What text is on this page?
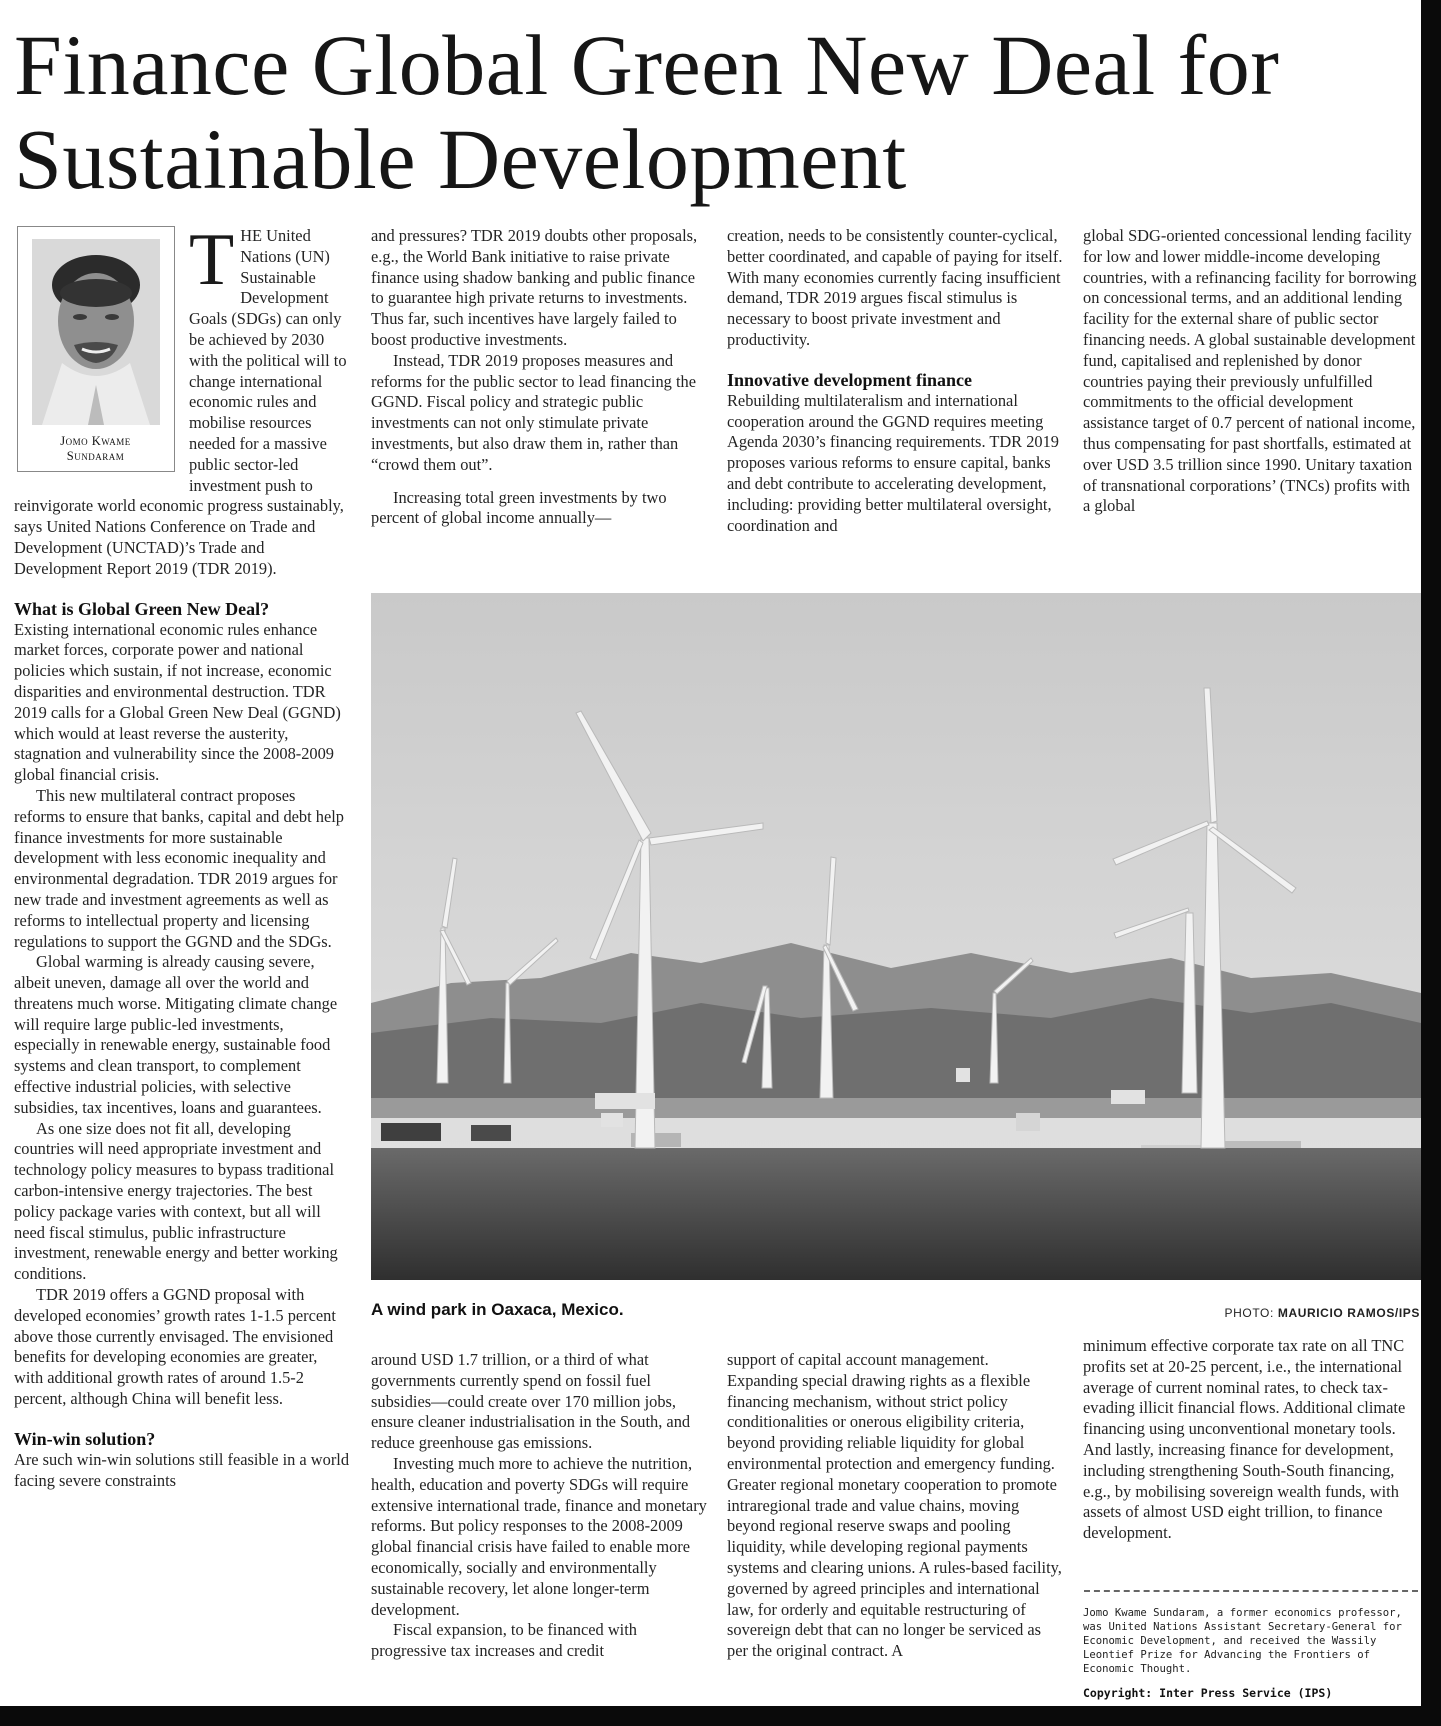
Finance Global Green New Deal for Sustainable Development
Jomo Kwame
Sundaram

THE United Nations (UN) Sustainable Development Goals (SDGs) can only be achieved by 2030 with the political will to change international economic rules and mobilise resources needed for a massive public sector-led investment push to reinvigorate world economic progress sustainably, says United Nations Conference on Trade and Development (UNCTAD)’s Trade and Development Report 2019 (TDR 2019).

What is Global Green New Deal?

Existing international economic rules enhance market forces, corporate power and national policies which sustain, if not increase, economic disparities and environmental destruction. TDR 2019 calls for a Global Green New Deal (GGND) which would at least reverse the austerity, stagnation and vulnerability since the 2008-2009 global financial crisis.

This new multilateral contract proposes reforms to ensure that banks, capital and debt help finance investments for more sustainable development with less economic inequality and environmental degradation. TDR 2019 argues for new trade and investment agreements as well as reforms to intellectual property and licensing regulations to support the GGND and the SDGs.

Global warming is already causing severe, albeit uneven, damage all over the world and threatens much worse. Mitigating climate change will require large public-led investments, especially in renewable energy, sustainable food systems and clean transport, to complement effective industrial policies, with selective subsidies, tax incentives, loans and guarantees.

As one size does not fit all, developing countries will need appropriate investment and technology policy measures to bypass traditional carbon-intensive energy trajectories. The best policy package varies with context, but all will need fiscal stimulus, public infrastructure investment, renewable energy and better working conditions.

TDR 2019 offers a GGND proposal with developed economies’ growth rates 1-1.5 percent above those currently envisaged. The envisioned benefits for developing economies are greater, with additional growth rates of around 1.5-2 percent, although China will benefit less.

Win-win solution?

Are such win-win solutions still feasible in a world facing severe constraints

and pressures? TDR 2019 doubts other proposals, e.g., the World Bank initiative to raise private finance using shadow banking and public finance to guarantee high private returns to investments. Thus far, such incentives have largely failed to boost productive investments.

Instead, TDR 2019 proposes measures and reforms for the public sector to lead financing the GGND. Fiscal policy and strategic public investments can not only stimulate private investments, but also draw them in, rather than “crowd them out”.

Increasing total green investments by two percent of global income annually—

creation, needs to be consistently counter-cyclical, better coordinated, and capable of paying for itself. With many economies currently facing insufficient demand, TDR 2019 argues fiscal stimulus is necessary to boost private investment and productivity.

Innovative development finance

Rebuilding multilateralism and international cooperation around the GGND requires meeting Agenda 2030’s financing requirements. TDR 2019 proposes various reforms to ensure capital, banks and debt contribute to accelerating development, including: providing better multilateral oversight, coordination and

global SDG-oriented concessional lending facility for low and lower middle-income developing countries, with a refinancing facility for borrowing on concessional terms, and an additional lending facility for the external share of public sector financing needs. A global sustainable development fund, capitalised and replenished by donor countries paying their previously unfulfilled commitments to the official development assistance target of 0.7 percent of national income, thus compensating for past shortfalls, estimated at over USD 3.5 trillion since 1990. Unitary taxation of transnational corporations’ (TNCs) profits with a global

A wind park in Oaxaca, Mexico.	PHOTO: MAURICIO RAMOS/IPS

around USD 1.7 trillion, or a third of what governments currently spend on fossil fuel subsidies—could create over 170 million jobs, ensure cleaner industrialisation in the South, and reduce greenhouse gas emissions.

Investing much more to achieve the nutrition, health, education and poverty SDGs will require extensive international trade, finance and monetary reforms. But policy responses to the 2008-2009 global financial crisis have failed to enable more economically, socially and environmentally sustainable recovery, let alone longer-term development.

Fiscal expansion, to be financed with progressive tax increases and credit

support of capital account management. Expanding special drawing rights as a flexible financing mechanism, without strict policy conditionalities or onerous eligibility criteria, beyond providing reliable liquidity for global environmental protection and emergency funding. Greater regional monetary cooperation to promote intraregional trade and value chains, moving beyond regional reserve swaps and pooling liquidity, while developing regional payments systems and clearing unions. A rules-based facility, governed by agreed principles and international law, for orderly and equitable restructuring of sovereign debt that can no longer be serviced as per the original contract. A

minimum effective corporate tax rate on all TNC profits set at 20-25 percent, i.e., the international average of current nominal rates, to check tax-evading illicit financial flows. Additional climate financing using unconventional monetary tools. And lastly, increasing finance for development, including strengthening South-South financing, e.g., by mobilising sovereign wealth funds, with assets of almost USD eight trillion, to finance development.

Jomo Kwame Sundaram, a former economics professor, was United Nations Assistant Secretary-General for Economic Development, and received the Wassily Leontief Prize for Advancing the Frontiers of Economic Thought.
Copyright: Inter Press Service (IPS)
